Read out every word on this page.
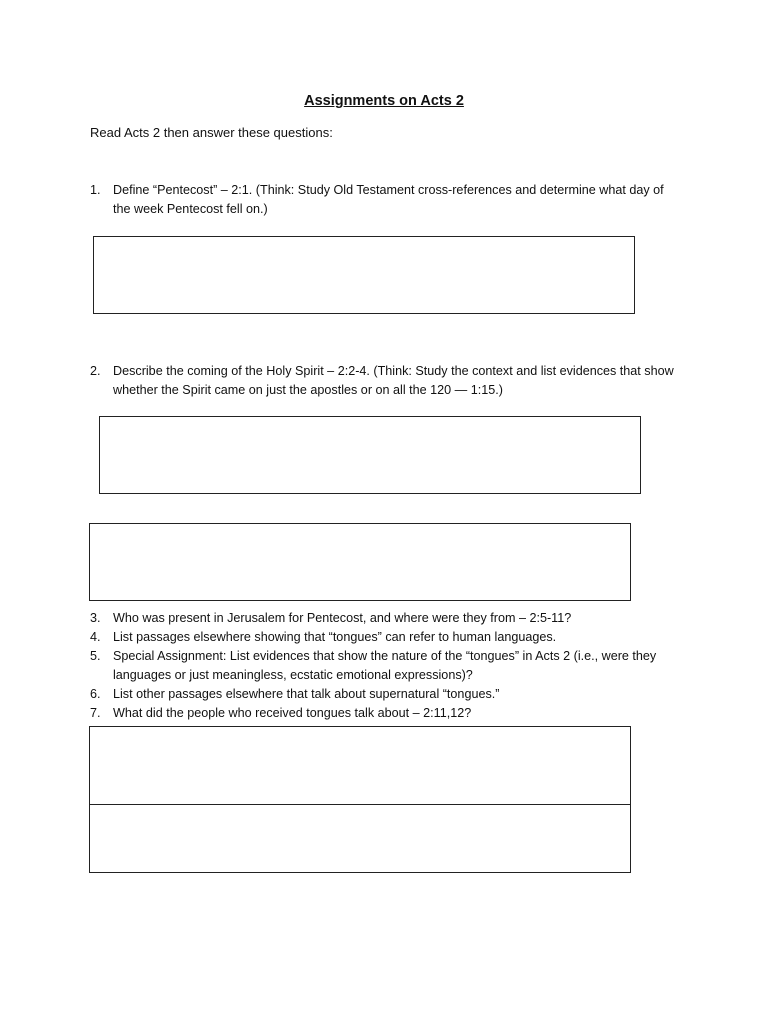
Assignments on Acts 2
Read Acts 2 then answer these questions:
1. Define “Pentecost” – 2:1. (Think: Study Old Testament cross-references and determine what day of
the week Pentecost fell on.)
2. Describe the coming of the Holy Spirit – 2:2-4. (Think: Study the context and list evidences that show
whether the Spirit came on just the apostles or on all the 120 — 1:15.)
3. Who was present in Jerusalem for Pentecost, and where were they from – 2:5-11?
4. List passages elsewhere showing that “tongues” can refer to human languages.
5. Special Assignment: List evidences that show the nature of the “tongues” in Acts 2 (i.e., were they
languages or just meaningless, ecstatic emotional expressions)?
6. List other passages elsewhere that talk about supernatural “tongues.”
7. What did the people who received tongues talk about – 2:11,12?
